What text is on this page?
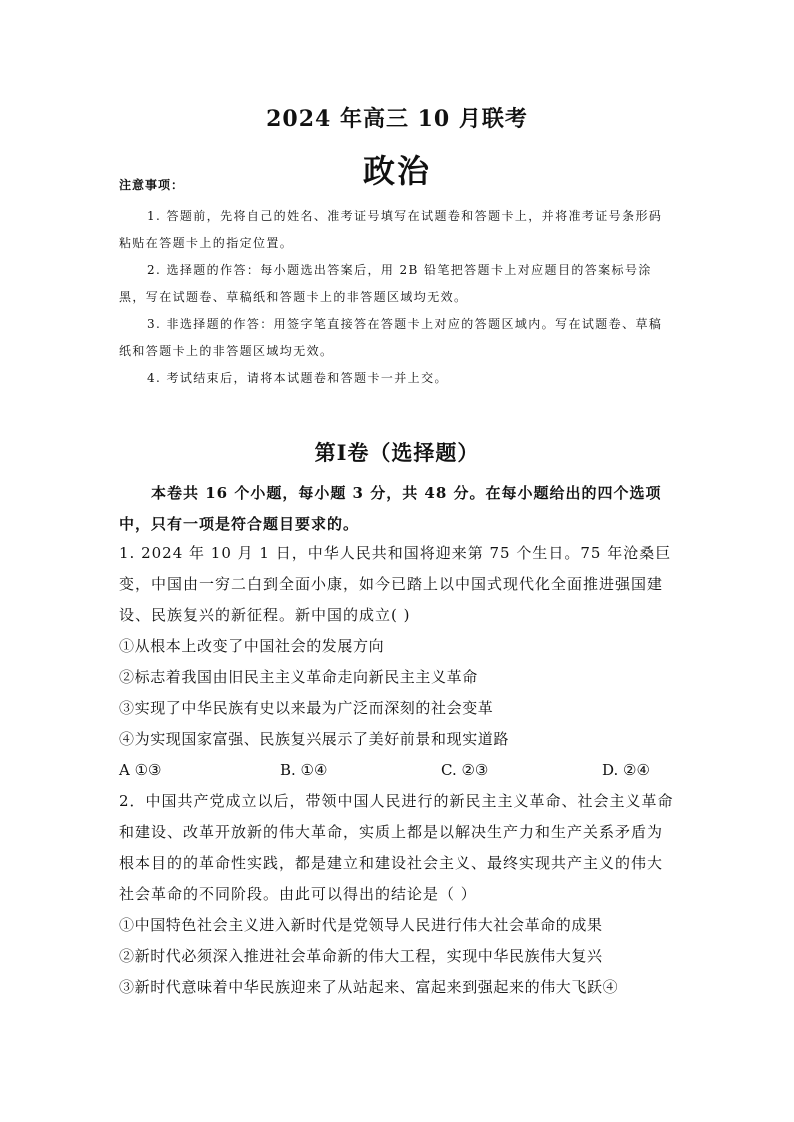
2024 年高三 10 月联考
政治
注意事项：

1. 答题前，先将自己的姓名、准考证号填写在试题卷和答题卡上，并将准考证号条形码粘贴在答题卡上的指定位置。

2. 选择题的作答：每小题选出答案后，用 2B 铅笔把答题卡上对应题目的答案标号涂黑，写在试题卷、草稿纸和答题卡上的非答题区域均无效。

3. 非选择题的作答：用签字笔直接答在答题卡上对应的答题区域内。写在试题卷、草稿纸和答题卡上的非答题区域均无效。

4. 考试结束后，请将本试题卷和答题卡一并上交。

第Ⅰ卷（选择题）
本卷共 16 个小题，每小题 3 分，共 48 分。在每小题给出的四个选项中，只有一项是符合题目要求的。
1. 2024 年 10 月 1 日，中华人民共和国将迎来第 75 个生日。75 年沧桑巨变，中国由一穷二白到全面小康，如今已踏上以中国式现代化全面推进强国建设、民族复兴的新征程。新中国的成立( )
①从根本上改变了中国社会的发展方向
②标志着我国由旧民主主义革命走向新民主主义革命
③实现了中华民族有史以来最为广泛而深刻的社会变革
④为实现国家富强、民族复兴展示了美好前景和现实道路
A ①③	B. ①④	C. ②③	D. ②④
2．中国共产党成立以后，带领中国人民进行的新民主主义革命、社会主义革命和建设、改革开放新的伟大革命，实质上都是以解决生产力和生产关系矛盾为根本目的的革命性实践，都是建立和建设社会主义、最终实现共产主义的伟大社会革命的不同阶段。由此可以得出的结论是（ ）
①中国特色社会主义进入新时代是党领导人民进行伟大社会革命的成果
②新时代必须深入推进社会革命新的伟大工程，实现中华民族伟大复兴
③新时代意味着中华民族迎来了从站起来、富起来到强起来的伟大飞跃④
